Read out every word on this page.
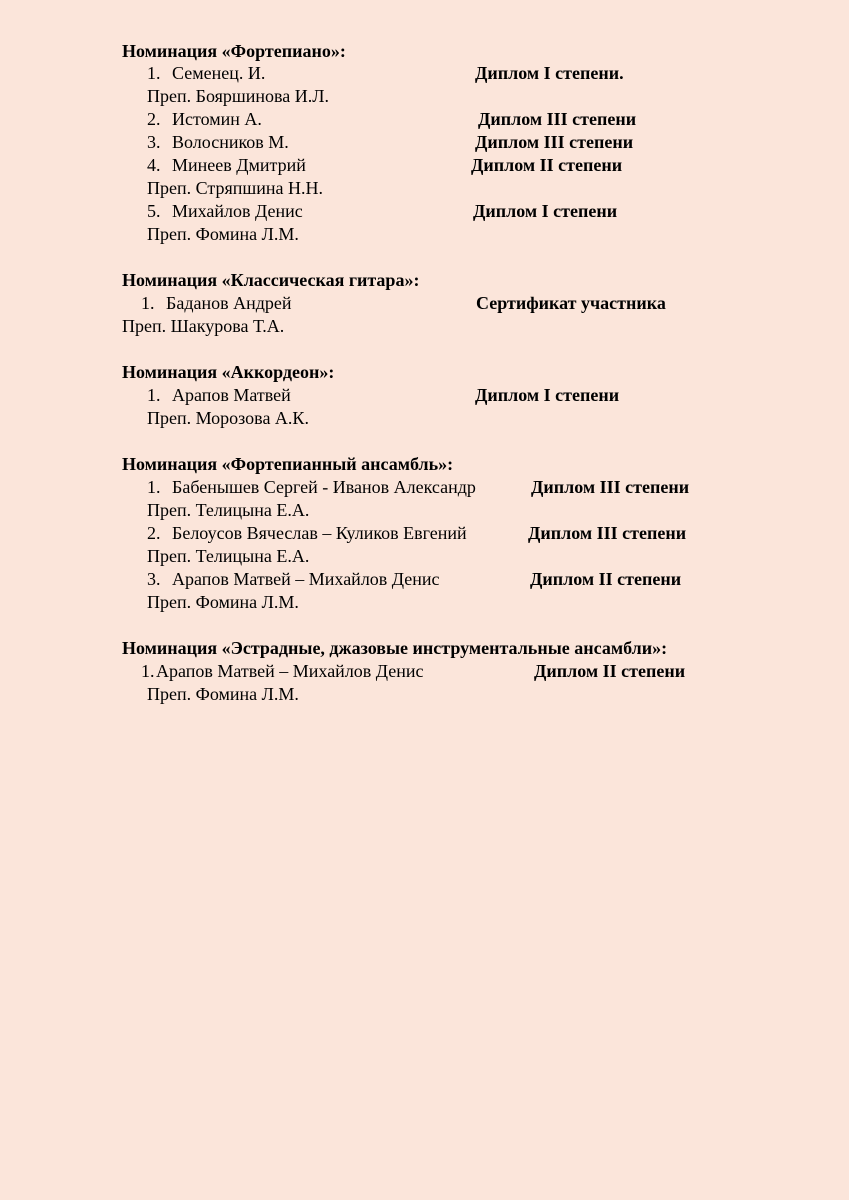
Номинация «Фортепиано»:
1. Семенец. И.	Диплом I степени.
Преп. Бояршинова И.Л.
2. Истомин А.	Диплом III степени
3. Волосников М.	Диплом III степени
4. Минеев Дмитрий	Диплом II степени
Преп. Стряпшина Н.Н.
5. Михайлов Денис	Диплом I степени
Преп. Фомина Л.М.
Номинация «Классическая гитара»:
1. Баданов Андрей	Сертификат участника
Преп. Шакурова Т.А.
Номинация «Аккордеон»:
1. Арапов Матвей	Диплом I степени
Преп. Морозова А.К.
Номинация «Фортепианный ансамбль»:
1. Бабенышев Сергей - Иванов Александр	Диплом III степени
Преп. Телицына Е.А.
2. Белоусов Вячеслав – Куликов Евгений	Диплом III степени
Преп. Телицына Е.А.
3. Арапов Матвей – Михайлов Денис	Диплом II степени
Преп. Фомина Л.М.
Номинация «Эстрадные, джазовые инструментальные ансамбли»:
1. Арапов Матвей – Михайлов Денис	Диплом II степени
Преп. Фомина Л.М.
